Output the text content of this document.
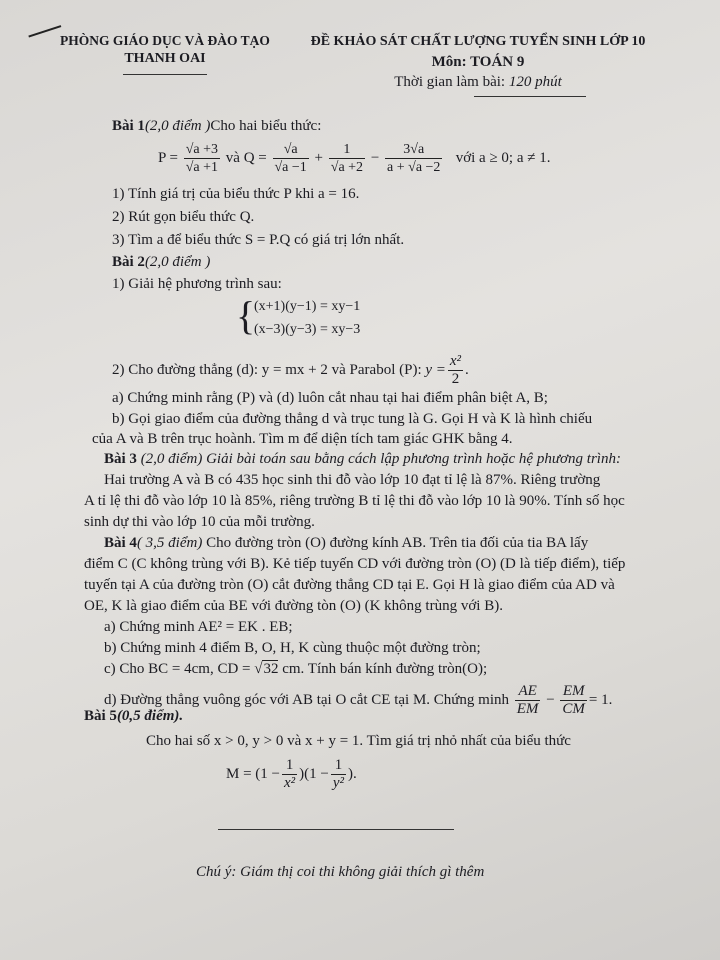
PHÒNG GIÁO DỤC VÀ ĐÀO TẠO
THANH OAI
ĐỀ KHẢO SÁT CHẤT LƯỢNG TUYỂN SINH LỚP 10
Môn: TOÁN 9
Thời gian làm bài: 120 phút
Bài 1(2,0 điểm )Cho hai biểu thức:
$P = \frac{√a +3}{√a +1}$ và $Q = \frac{√a}{√a -1} + \frac{1}{√a +2} - \frac{3√a}{a + √a -2}$ với a ≥ 0; a ≠ 1.
1) Tính giá trị của biểu thức P khi a = 16.
2) Rút gọn biểu thức Q.
3) Tìm a để biểu thức S = P.Q có giá trị lớn nhất.
Bài 2(2,0 điểm )
1) Giải hệ phương trình sau:
{
(x+1)(y−1) = xy−1
(x−3)(y−3) = xy−3
2) Cho đường thẳng (d): y = mx + 2 và Parabol (P): $y = \frac{\text{x²}}{2}$ .
a) Chứng minh rằng (P) và (d) luôn cắt nhau tại hai điểm phân biệt A, B;
b) Gọi giao điểm của đường thẳng d và trục tung là G. Gọi H và K là hình chiếu
của A và B trên trục hoành. Tìm m để diện tích tam giác GHK bằng 4.
Bài 3 (2,0 điểm) Giải bài toán sau bằng cách lập phương trình hoặc hệ phương trình:
Hai trường A và B có 435 học sinh thi đỗ vào lớp 10 đạt tỉ lệ là 87%. Riêng trường
A tỉ lệ thi đỗ vào lớp 10 là 85%, riêng trường B tỉ lệ thi đỗ vào lớp 10 là 90%. Tính số học
sinh dự thi vào lớp 10 của mỗi trường.
Bài 4( 3,5 điểm) Cho đường tròn (O) đường kính AB. Trên tia đối của tia BA lấy
điểm C (C không trùng với B). Kẻ tiếp tuyến CD với đường tròn (O) (D là tiếp điểm), tiếp
tuyến tại A của đường tròn (O) cắt đường thẳng CD tại E. Gọi H là giao điểm của AD và
OE, K là giao điểm của BE với đường tòn (O) (K không trùng với B).
a) Chứng minh AE² = EK . EB;
b) Chứng minh 4 điểm B, O, H, K cùng thuộc một đường tròn;
c) Cho BC = 4cm, CD = √32 cm. Tính bán kính đường tròn(O);
d) Đường thẳng vuông góc với AB tại O cắt CE tại M. Chứng minh $\frac{AE}{EM} - \frac{EM}{CM} = 1$.
Bài 5(0,5 điểm).
Cho hai số x > 0, y > 0 và x + y = 1. Tìm giá trị nhỏ nhất của biểu thức
$M = (1 - \frac{1}{\text{x²}} )(1 - \frac{1}{\text{y²}}$ ).
Chú ý: Giám thị coi thi không giải thích gì thêm
